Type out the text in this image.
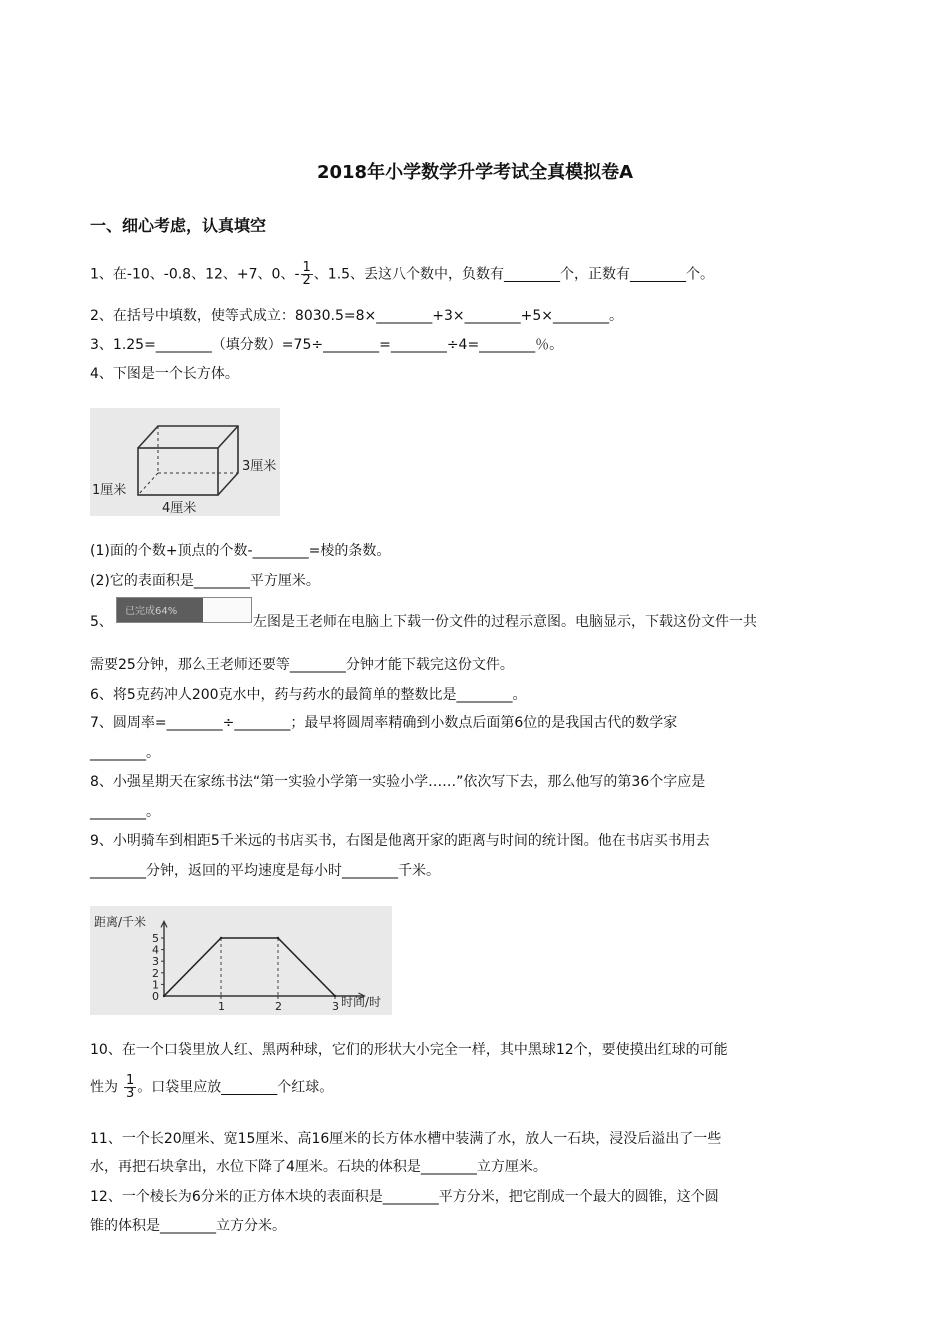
2018年小学数学升学考试全真模拟卷A
一、细心考虑，认真填空
1、在-10、-0.8、12、+7、0、- $\frac{1}{2}$ 、1.5、丢这八个数中，负数有________个，正数有________个。
2、在括号中填数，使等式成立：8030.5=8×________+3×________+5×________。
3、1.25=________（填分数）=75÷________=________÷4=________％。
4、下图是一个长方体。
3厘米
1厘米
4厘米
(1)面的个数+顶点的个数-________=棱的条数。
(2)它的表面积是________平方厘米。
5、
已完成64%
左图是王老师在电脑上下载一份文件的过程示意图。电脑显示，下载这份文件一共
需要25分钟，那么王老师还要等________分钟才能下载完这份文件。
6、将5克药冲人200克水中，药与药水的最简单的整数比是________。
7、圆周率=________÷________；最早将圆周率精确到小数点后面第6位的是我国古代的数学家
________。
8、小强星期天在家练书法“第一实验小学第一实验小学……”依次写下去，那么他写的第36个字应是
________。
9、小明骑车到相距5千米远的书店买书，右图是他离开家的距离与时间的统计图。他在书店买书用去
________分钟，返回的平均速度是每小时________千米。
距离/千米
时间/时
0
1
2
3
4
5
1	2	3
10、在一个口袋里放人红、黑两种球，它们的形状大小完全一样，其中黑球12个，要使摸出红球的可能
性为 $\frac{1}{3}$ 。口袋里应放________个红球。
11、一个长20厘米、宽15厘米、高16厘米的长方体水槽中装满了水，放人一石块，浸没后溢出了一些
水，再把石块拿出，水位下降了4厘米。石块的体积是________立方厘米。
12、一个棱长为6分米的正方体木块的表面积是________平方分米，把它削成一个最大的圆锥，这个圆
锥的体积是________立方分米。
